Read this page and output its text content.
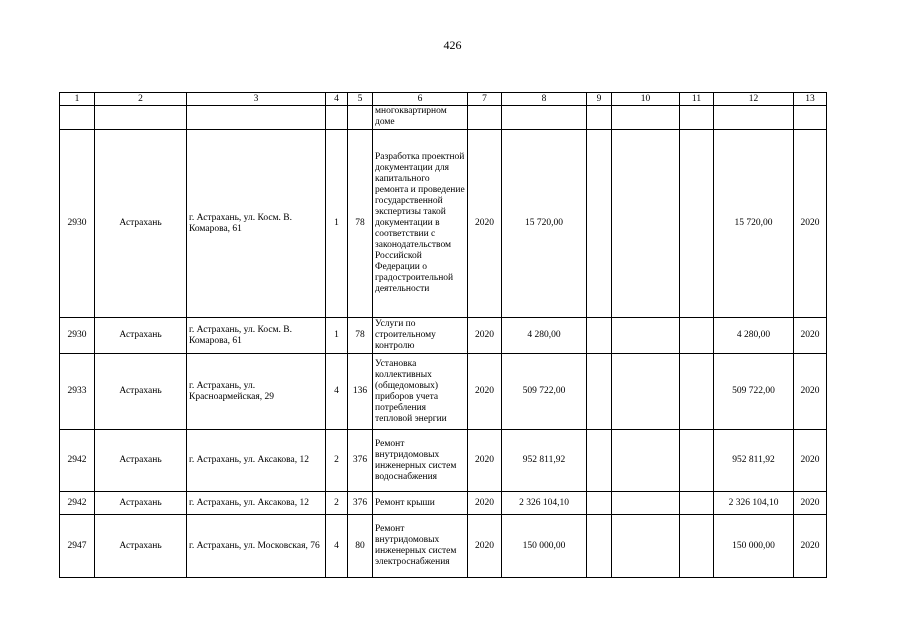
426
1	2	3	4	5	6	7	8	9	10	11	12	13
					многоквартирном доме							
2930	Астрахань	г. Астрахань, ул. Косм. В. Комарова, 61	1	78	Разработка проектной документации для капитального ремонта и проведение государственной экспертизы такой документации в соответствии с законодательством Российской Федерации о градостроительной деятельности	2020	15 720,00				15 720,00	2020
2930	Астрахань	г. Астрахань, ул. Косм. В. Комарова, 61	1	78	Услуги по строительному контролю	2020	4 280,00				4 280,00	2020
2933	Астрахань	г. Астрахань, ул. Красноармейская, 29	4	136	Установка коллективных (общедомовых) приборов учета потребления тепловой энергии	2020	509 722,00				509 722,00	2020
2942	Астрахань	г. Астрахань, ул. Аксакова, 12	2	376	Ремонт внутридомовых инженерных систем водоснабжения	2020	952 811,92				952 811,92	2020
2942	Астрахань	г. Астрахань, ул. Аксакова, 12	2	376	Ремонт крыши	2020	2 326 104,10				2 326 104,10	2020
2947	Астрахань	г. Астрахань, ул. Московская, 76	4	80	Ремонт внутридомовых инженерных систем электроснабжения	2020	150 000,00				150 000,00	2020
